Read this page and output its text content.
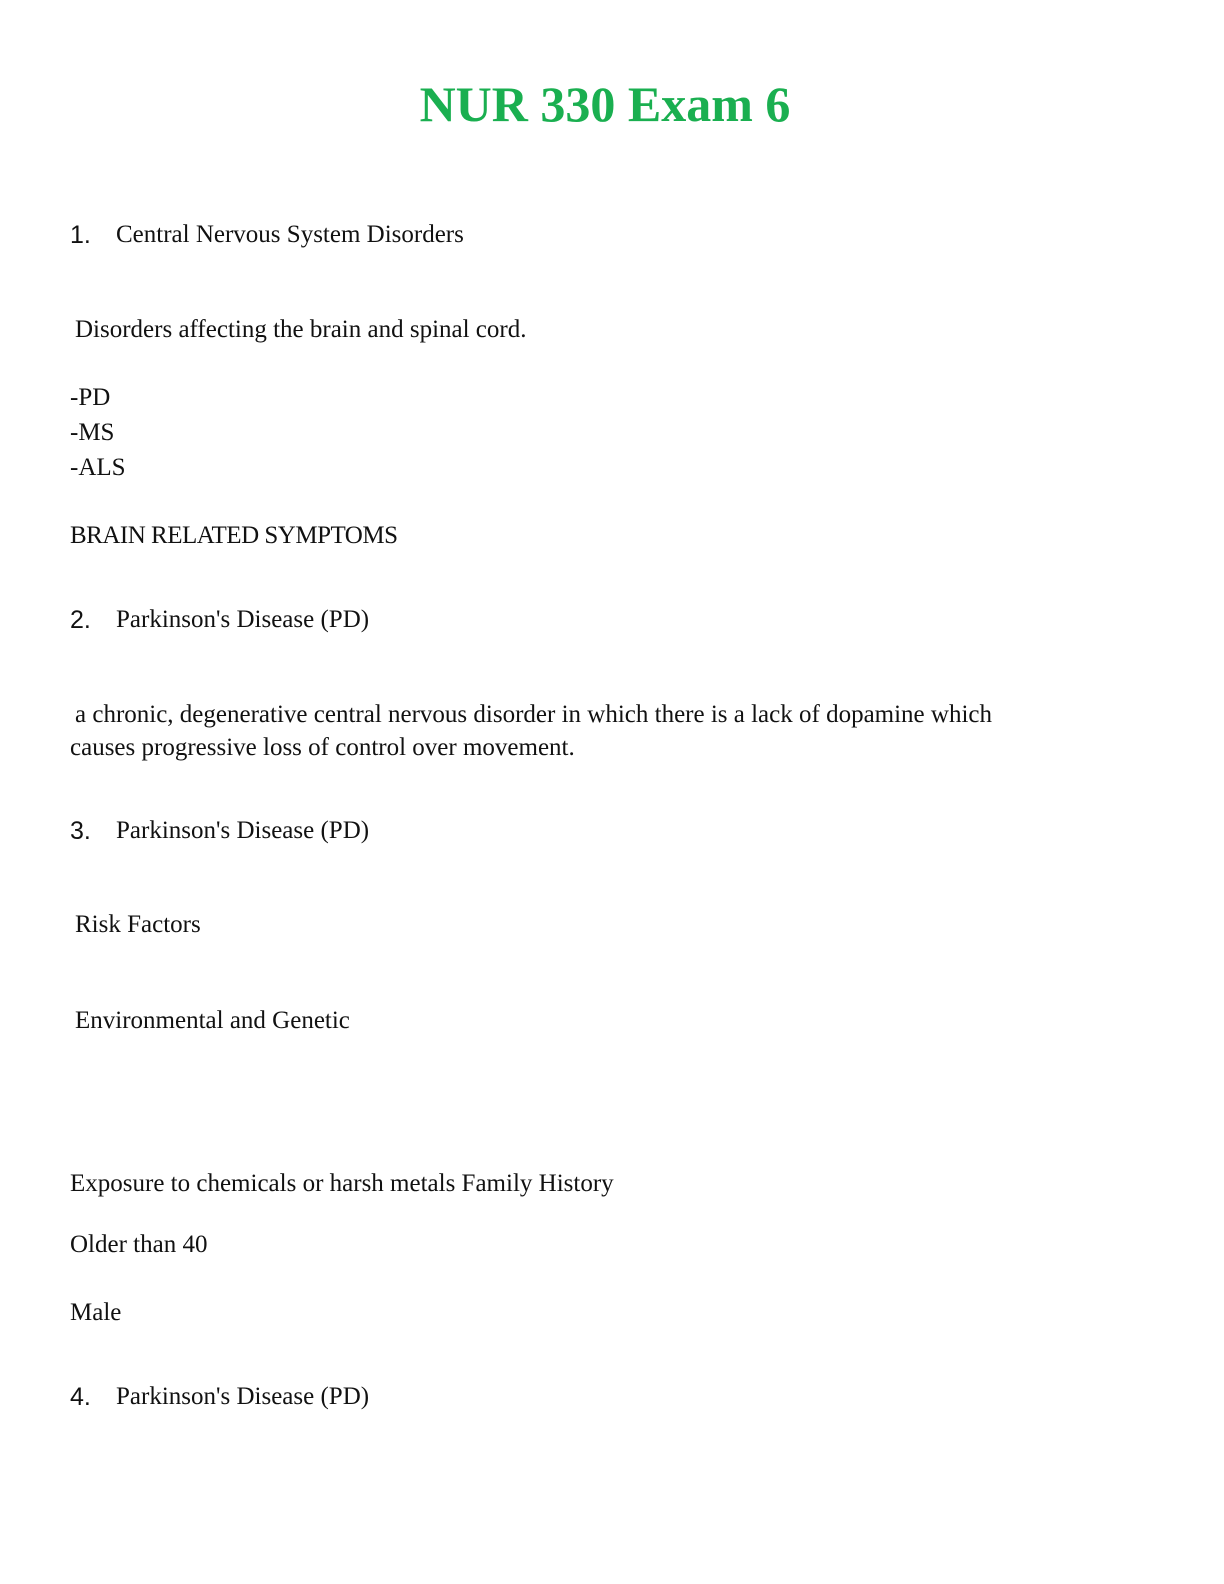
NUR 330 Exam 6
1. Central Nervous System Disorders

Disorders affecting the brain and spinal cord.

-PD

-MS

-ALS

BRAIN RELATED SYMPTOMS

2. Parkinson's Disease (PD)

a chronic, degenerative central nervous disorder in which there is a lack of dopamine which

causes progressive loss of control over movement.

3. Parkinson's Disease (PD)

Risk Factors

Environmental and Genetic

Exposure to chemicals or harsh metals Family History

Older than 40

Male

4. Parkinson's Disease (PD)
